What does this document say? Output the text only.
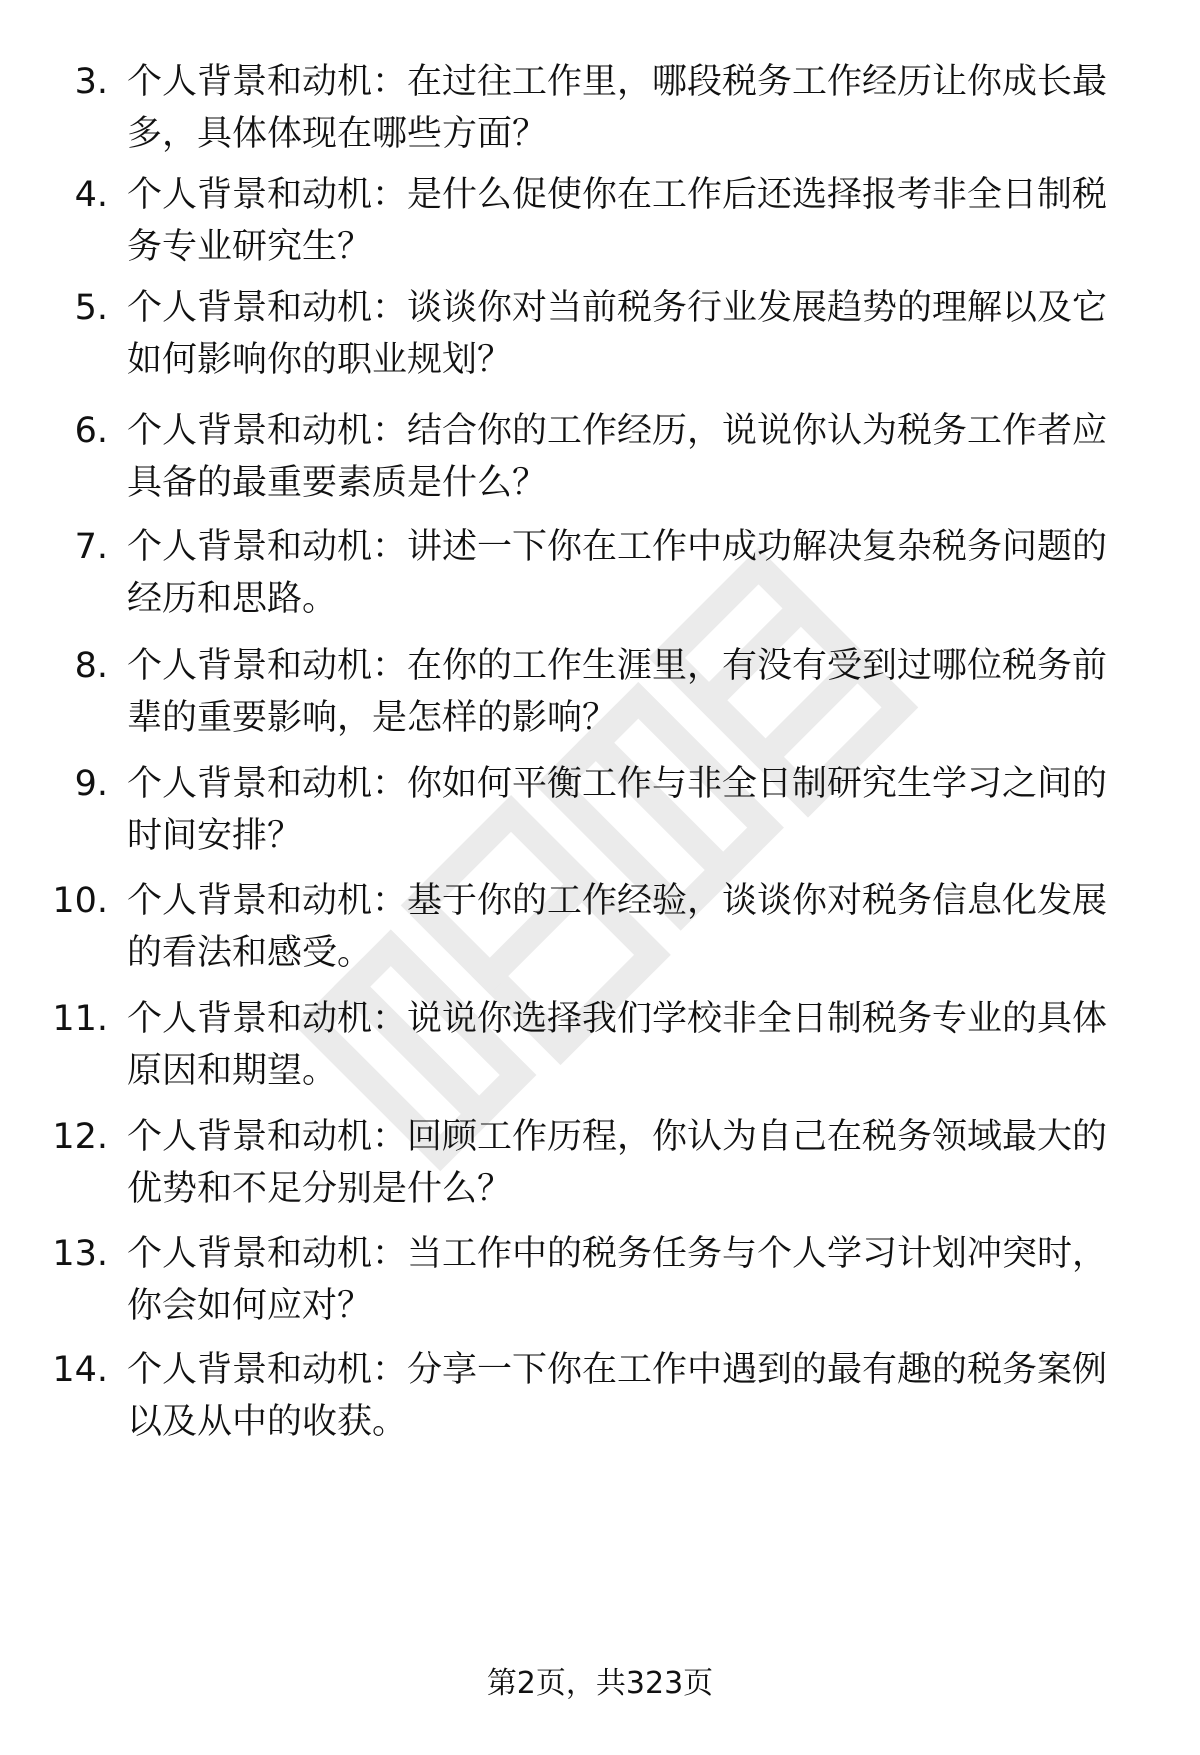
3. 个人背景和动机：在过往工作里，哪段税务工作经历让你成长最
多，具体体现在哪些方面？
4. 个人背景和动机：是什么促使你在工作后还选择报考非全日制税
务专业研究生？
5. 个人背景和动机：谈谈你对当前税务行业发展趋势的理解以及它
如何影响你的职业规划？
6. 个人背景和动机：结合你的工作经历，说说你认为税务工作者应
具备的最重要素质是什么？
7. 个人背景和动机：讲述一下你在工作中成功解决复杂税务问题的
经历和思路。
8. 个人背景和动机：在你的工作生涯里，有没有受到过哪位税务前
辈的重要影响，是怎样的影响？
9. 个人背景和动机：你如何平衡工作与非全日制研究生学习之间的
时间安排？
10. 个人背景和动机：基于你的工作经验，谈谈你对税务信息化发展
的看法和感受。
11. 个人背景和动机：说说你选择我们学校非全日制税务专业的具体
原因和期望。
12. 个人背景和动机：回顾工作历程，你认为自己在税务领域最大的
优势和不足分别是什么？
13. 个人背景和动机：当工作中的税务任务与个人学习计划冲突时，
你会如何应对？
14. 个人背景和动机：分享一下你在工作中遇到的最有趣的税务案例
以及从中的收获。
第2页，共323页
